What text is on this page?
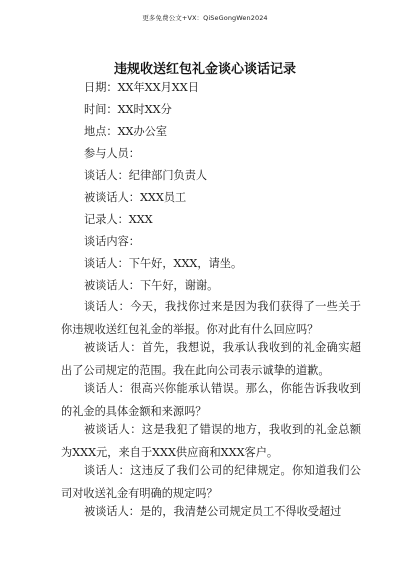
更多免费公文+VX：QiSeGongWen2024
违规收送红包礼金谈心谈话记录
日期：XX年XX月XX日
时间：XX时XX分
地点：XX办公室
参与人员：
谈话人：纪律部门负责人
被谈话人：XXX员工
记录人：XXX
谈话内容：
谈话人：下午好，XXX，请坐。
被谈话人：下午好，谢谢。
谈话人：今天，我找你过来是因为我们获得了一些关于你违规收送红包礼金的举报。你对此有什么回应吗？
被谈话人：首先，我想说，我承认我收到的礼金确实超出了公司规定的范围。我在此向公司表示诚挚的道歉。
谈话人：很高兴你能承认错误。那么，你能告诉我收到的礼金的具体金额和来源吗？
被谈话人：这是我犯了错误的地方，我收到的礼金总额为XXX元，来自于XXX供应商和XXX客户。
谈话人：这违反了我们公司的纪律规定。你知道我们公司对收送礼金有明确的规定吗？
被谈话人：是的，我清楚公司规定员工不得收受超过
